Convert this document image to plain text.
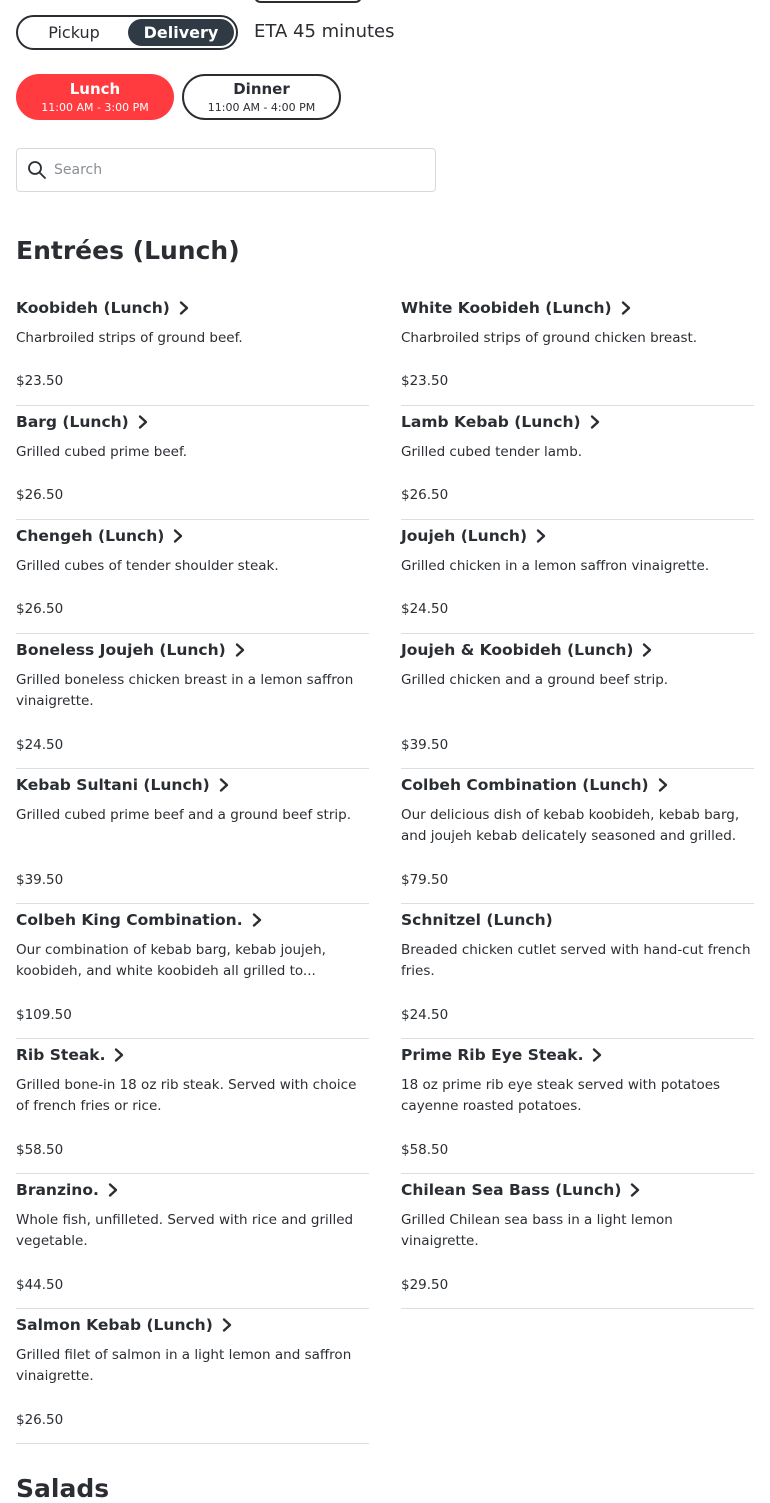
Pickup	Delivery	ETA 45 minutes
Lunch
11:00 AM - 3:00 PM
Dinner
11:00 AM - 4:00 PM
Search
Entrées (Lunch)
Koobideh (Lunch)
Charbroiled strips of ground beef.
$23.50
White Koobideh (Lunch)
Charbroiled strips of ground chicken breast.
$23.50
Barg (Lunch)
Grilled cubed prime beef.
$26.50
Lamb Kebab (Lunch)
Grilled cubed tender lamb.
$26.50
Chengeh (Lunch)
Grilled cubes of tender shoulder steak.
$26.50
Joujeh (Lunch)
Grilled chicken in a lemon saffron vinaigrette.
$24.50
Boneless Joujeh (Lunch)
Grilled boneless chicken breast in a lemon saffron vinaigrette.
$24.50
Joujeh & Koobideh (Lunch)
Grilled chicken and a ground beef strip.
$39.50
Kebab Sultani (Lunch)
Grilled cubed prime beef and a ground beef strip.
$39.50
Colbeh Combination (Lunch)
Our delicious dish of kebab koobideh, kebab barg, and joujeh kebab delicately seasoned and grilled.
$79.50
Colbeh King Combination.
Our combination of kebab barg, kebab joujeh, koobideh, and white koobideh all grilled to...
$109.50
Schnitzel (Lunch)
Breaded chicken cutlet served with hand-cut french fries.
$24.50
Rib Steak.
Grilled bone-in 18 oz rib steak. Served with choice of french fries or rice.
$58.50
Prime Rib Eye Steak.
18 oz prime rib eye steak served with potatoes cayenne roasted potatoes.
$58.50
Branzino.
Whole fish, unfilleted. Served with rice and grilled vegetable.
$44.50
Chilean Sea Bass (Lunch)
Grilled Chilean sea bass in a light lemon vinaigrette.
$29.50
Salmon Kebab (Lunch)
Grilled filet of salmon in a light lemon and saffron vinaigrette.
$26.50
Salads
